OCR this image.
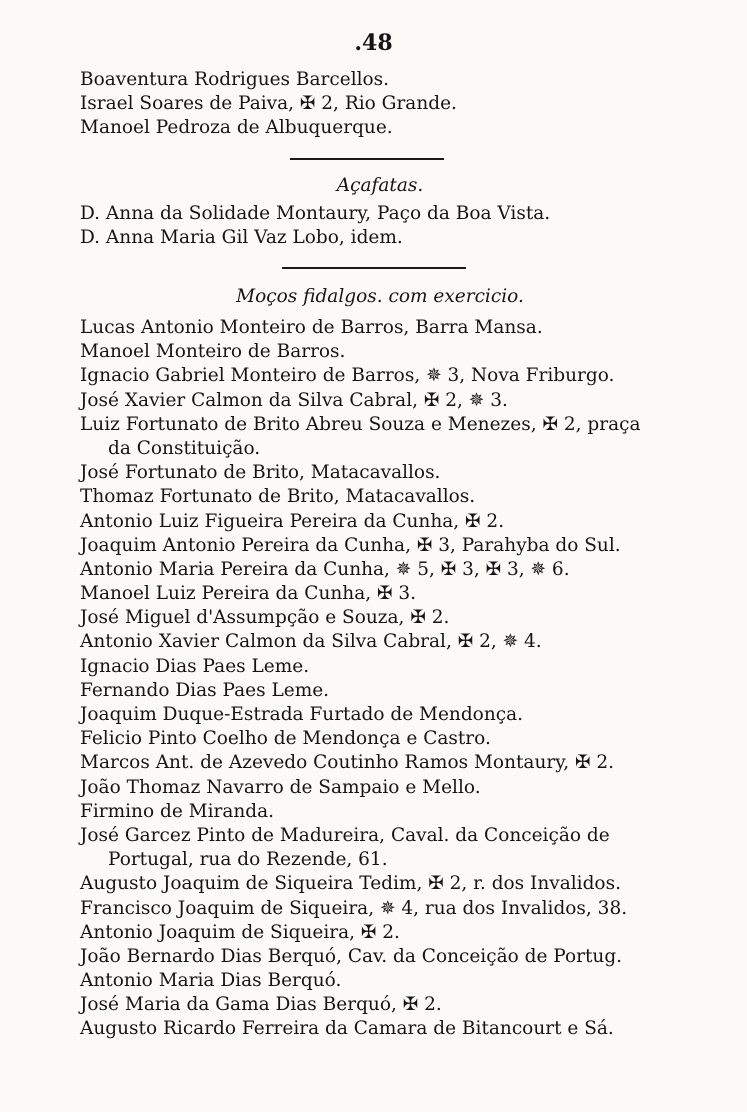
.48
Boaventura Rodrigues Barcellos.
Israel Soares de Paiva, ✠ 2, Rio Grande.
Manoel Pedroza de Albuquerque.
Açafatas.
D. Anna da Solidade Montaury, Paço da Boa Vista.
D. Anna Maria Gil Vaz Lobo, idem.
Moços fidalgos. com exercicio.
Lucas Antonio Monteiro de Barros, Barra Mansa.
Manoel Monteiro de Barros.
Ignacio Gabriel Monteiro de Barros, ✵ 3, Nova Friburgo.
José Xavier Calmon da Silva Cabral, ✠ 2, ✵ 3.
Luiz Fortunato de Brito Abreu Souza e Menezes, ✠ 2, praça
da Constituição.
José Fortunato de Brito, Matacavallos.
Thomaz Fortunato de Brito, Matacavallos.
Antonio Luiz Figueira Pereira da Cunha, ✠ 2.
Joaquim Antonio Pereira da Cunha, ✠ 3, Parahyba do Sul.
Antonio Maria Pereira da Cunha, ✵ 5, ✠ 3, ✠ 3, ✵ 6.
Manoel Luiz Pereira da Cunha, ✠ 3.
José Miguel d'Assumpção e Souza, ✠ 2.
Antonio Xavier Calmon da Silva Cabral, ✠ 2, ✵ 4.
Ignacio Dias Paes Leme.
Fernando Dias Paes Leme.
Joaquim Duque-Estrada Furtado de Mendonça.
Felicio Pinto Coelho de Mendonça e Castro.
Marcos Ant. de Azevedo Coutinho Ramos Montaury, ✠ 2.
João Thomaz Navarro de Sampaio e Mello.
Firmino de Miranda.
José Garcez Pinto de Madureira, Caval. da Conceição de
Portugal, rua do Rezende, 61.
Augusto Joaquim de Siqueira Tedim, ✠ 2, r. dos Invalidos.
Francisco Joaquim de Siqueira, ✵ 4, rua dos Invalidos, 38.
Antonio Joaquim de Siqueira, ✠ 2.
João Bernardo Dias Berquó, Cav. da Conceição de Portug.
Antonio Maria Dias Berquó.
José Maria da Gama Dias Berquó, ✠ 2.
Augusto Ricardo Ferreira da Camara de Bitancourt e Sá.
